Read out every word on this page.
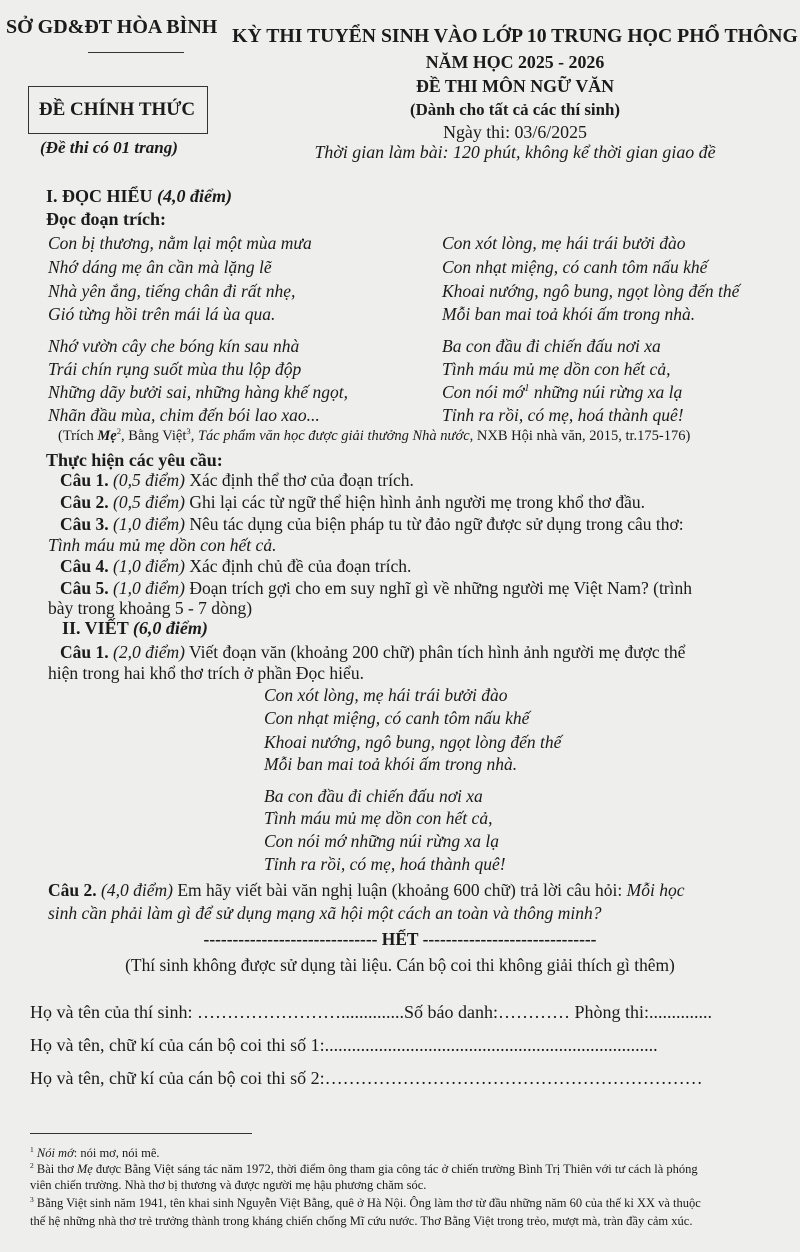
SỞ GD&ĐT HÒA BÌNH
ĐỀ CHÍNH THỨC
(Đề thi có 01 trang)
KỲ THI TUYỂN SINH VÀO LỚP 10 TRUNG HỌC PHỔ THÔNG
NĂM HỌC 2025 - 2026
ĐỀ THI MÔN NGỮ VĂN
(Dành cho tất cả các thí sinh)
Ngày thi: 03/6/2025
Thời gian làm bài: 120 phút, không kể thời gian giao đề
I. ĐỌC HIỂU (4,0 điểm)
Đọc đoạn trích:
Con bị thương, nằm lại một mùa mưa
Nhớ dáng mẹ ân cần mà lặng lẽ
Nhà yên ắng, tiếng chân đi rất nhẹ,
Gió từng hồi trên mái lá ùa qua.
Nhớ vườn cây che bóng kín sau nhà
Trái chín rụng suốt mùa thu lộp độp
Những dãy bưởi sai, những hàng khế ngọt,
Nhãn đầu mùa, chim đến bói lao xao...
Con xót lòng, mẹ hái trái bưởi đào
Con nhạt miệng, có canh tôm nấu khế
Khoai nướng, ngô bung, ngọt lòng đến thế
Mỗi ban mai toả khói ấm trong nhà.
Ba con đầu đi chiến đấu nơi xa
Tình máu mủ mẹ dồn con hết cả,
Con nói mớ$^1$ những núi rừng xa lạ
Tỉnh ra rồi, có mẹ, hoá thành quê!
(Trích Mẹ$^2$, Bằng Việt$^3$, Tác phẩm văn học được giải thưởng Nhà nước, NXB Hội nhà văn, 2015, tr.175-176)
Thực hiện các yêu cầu:
Câu 1. (0,5 điểm) Xác định thể thơ của đoạn trích.
Câu 2. (0,5 điểm) Ghi lại các từ ngữ thể hiện hình ảnh người mẹ trong khổ thơ đầu.
Câu 3. (1,0 điểm) Nêu tác dụng của biện pháp tu từ đảo ngữ được sử dụng trong câu thơ:
Tình máu mủ mẹ dồn con hết cả.
Câu 4. (1,0 điểm) Xác định chủ đề của đoạn trích.
Câu 5. (1,0 điểm) Đoạn trích gợi cho em suy nghĩ gì về những người mẹ Việt Nam? (trình
bày trong khoảng 5 - 7 dòng)
II. VIẾT (6,0 điểm)
Câu 1. (2,0 điểm) Viết đoạn văn (khoảng 200 chữ) phân tích hình ảnh người mẹ được thể
hiện trong hai khổ thơ trích ở phần Đọc hiểu.
Con xót lòng, mẹ hái trái bưởi đào
Con nhạt miệng, có canh tôm nấu khế
Khoai nướng, ngô bung, ngọt lòng đến thế
Mỗi ban mai toả khói ấm trong nhà.
Ba con đầu đi chiến đấu nơi xa
Tình máu mủ mẹ dồn con hết cả,
Con nói mớ những núi rừng xa lạ
Tỉnh ra rồi, có mẹ, hoá thành quê!
Câu 2. (4,0 điểm) Em hãy viết bài văn nghị luận (khoảng 600 chữ) trả lời câu hỏi: Mỗi học
sinh cần phải làm gì để sử dụng mạng xã hội một cách an toàn và thông minh?
------------------------------ HẾT ------------------------------
(Thí sinh không được sử dụng tài liệu. Cán bộ coi thi không giải thích gì thêm)
Họ và tên của thí sinh: ……………………..............Số báo danh:………… Phòng thi:..............
Họ và tên, chữ kí của cán bộ coi thi số 1:..........................................................................
Họ và tên, chữ kí của cán bộ coi thi số 2:………………………………………………………
$^1$ Nói mớ: nói mơ, nói mê.
$^2$ Bài thơ Mẹ được Bằng Việt sáng tác năm 1972, thời điểm ông tham gia công tác ở chiến trường Bình Trị Thiên với tư cách là phóng
viên chiến trường. Nhà thơ bị thương và được người mẹ hậu phương chăm sóc.
$^3$ Bằng Việt sinh năm 1941, tên khai sinh Nguyễn Việt Bằng, quê ở Hà Nội. Ông làm thơ từ đầu những năm 60 của thế kỉ XX và thuộc
thế hệ những nhà thơ trẻ trưởng thành trong kháng chiến chống Mĩ cứu nước. Thơ Bằng Việt trong trẻo, mượt mà, tràn đầy cảm xúc.
